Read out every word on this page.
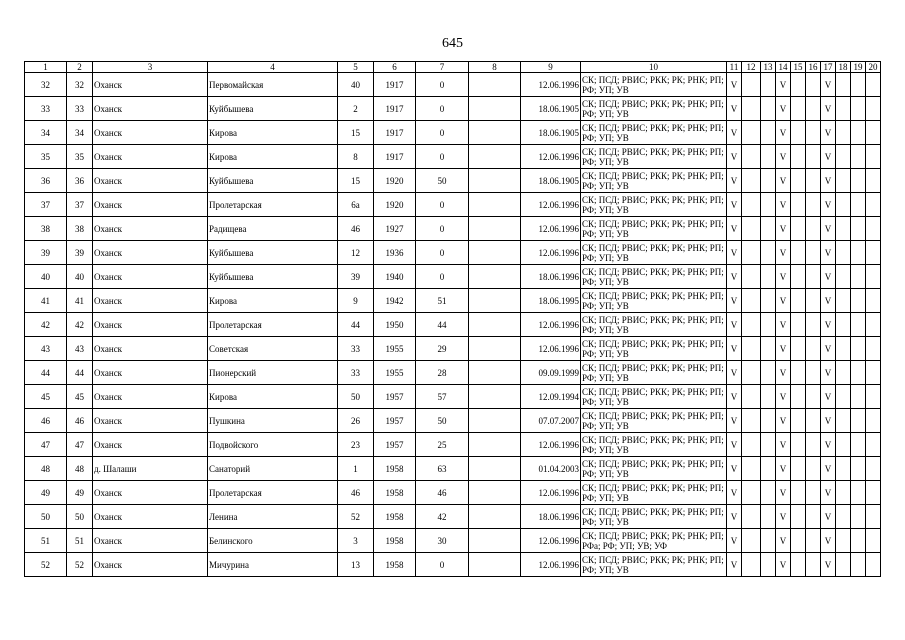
645
1	2	3	4	5	6	7	8	9	10	11	12	13	14	15	16	17	18	19	20
32	32	Оханск	Первомайская	40	1917	0		12.06.1996	СК; ПСД; РВИС; РКК; РК; РНК; РП; РФ; УП; УВ	V			V			V			
33	33	Оханск	Куйбышева	2	1917	0		18.06.1905	СК; ПСД; РВИС; РКК; РК; РНК; РП; РФ; УП; УВ	V			V			V			
34	34	Оханск	Кирова	15	1917	0		18.06.1905	СК; ПСД; РВИС; РКК; РК; РНК; РП; РФ; УП; УВ	V			V			V			
35	35	Оханск	Кирова	8	1917	0		12.06.1996	СК; ПСД; РВИС; РКК; РК; РНК; РП; РФ; УП; УВ	V			V			V			
36	36	Оханск	Куйбышева	15	1920	50		18.06.1905	СК; ПСД; РВИС; РКК; РК; РНК; РП; РФ; УП; УВ	V			V			V			
37	37	Оханск	Пролетарская	6а	1920	0		12.06.1996	СК; ПСД; РВИС; РКК; РК; РНК; РП; РФ; УП; УВ	V			V			V			
38	38	Оханск	Радищева	46	1927	0		12.06.1996	СК; ПСД; РВИС; РКК; РК; РНК; РП; РФ; УП; УВ	V			V			V			
39	39	Оханск	Куйбышева	12	1936	0		12.06.1996	СК; ПСД; РВИС; РКК; РК; РНК; РП; РФ; УП; УВ	V			V			V			
40	40	Оханск	Куйбышева	39	1940	0		18.06.1996	СК; ПСД; РВИС; РКК; РК; РНК; РП; РФ; УП; УВ	V			V			V			
41	41	Оханск	Кирова	9	1942	51		18.06.1995	СК; ПСД; РВИС; РКК; РК; РНК; РП; РФ; УП; УВ	V			V			V			
42	42	Оханск	Пролетарская	44	1950	44		12.06.1996	СК; ПСД; РВИС; РКК; РК; РНК; РП; РФ; УП; УВ	V			V			V			
43	43	Оханск	Советская	33	1955	29		12.06.1996	СК; ПСД; РВИС; РКК; РК; РНК; РП; РФ; УП; УВ	V			V			V			
44	44	Оханск	Пионерский	33	1955	28		09.09.1999	СК; ПСД; РВИС; РКК; РК; РНК; РП; РФ; УП; УВ	V			V			V			
45	45	Оханск	Кирова	50	1957	57		12.09.1994	СК; ПСД; РВИС; РКК; РК; РНК; РП; РФ; УП; УВ	V			V			V			
46	46	Оханск	Пушкина	26	1957	50		07.07.2007	СК; ПСД; РВИС; РКК; РК; РНК; РП; РФ; УП; УВ	V			V			V			
47	47	Оханск	Подвойского	23	1957	25		12.06.1996	СК; ПСД; РВИС; РКК; РК; РНК; РП; РФ; УП; УВ	V			V			V			
48	48	д. Шалаши	Санаторий	1	1958	63		01.04.2003	СК; ПСД; РВИС; РКК; РК; РНК; РП; РФ; УП; УВ	V			V			V			
49	49	Оханск	Пролетарская	46	1958	46		12.06.1996	СК; ПСД; РВИС; РКК; РК; РНК; РП; РФ; УП; УВ	V			V			V			
50	50	Оханск	Ленина	52	1958	42		18.06.1996	СК; ПСД; РВИС; РКК; РК; РНК; РП; РФ; УП; УВ	V			V			V			
51	51	Оханск	Белинского	3	1958	30		12.06.1996	СК; ПСД; РВИС; РКК; РК; РНК; РП; РФа; РФ; УП; УВ; УФ	V			V			V			
52	52	Оханск	Мичурина	13	1958	0		12.06.1996	СК; ПСД; РВИС; РКК; РК; РНК; РП; РФ; УП; УВ	V			V			V			
